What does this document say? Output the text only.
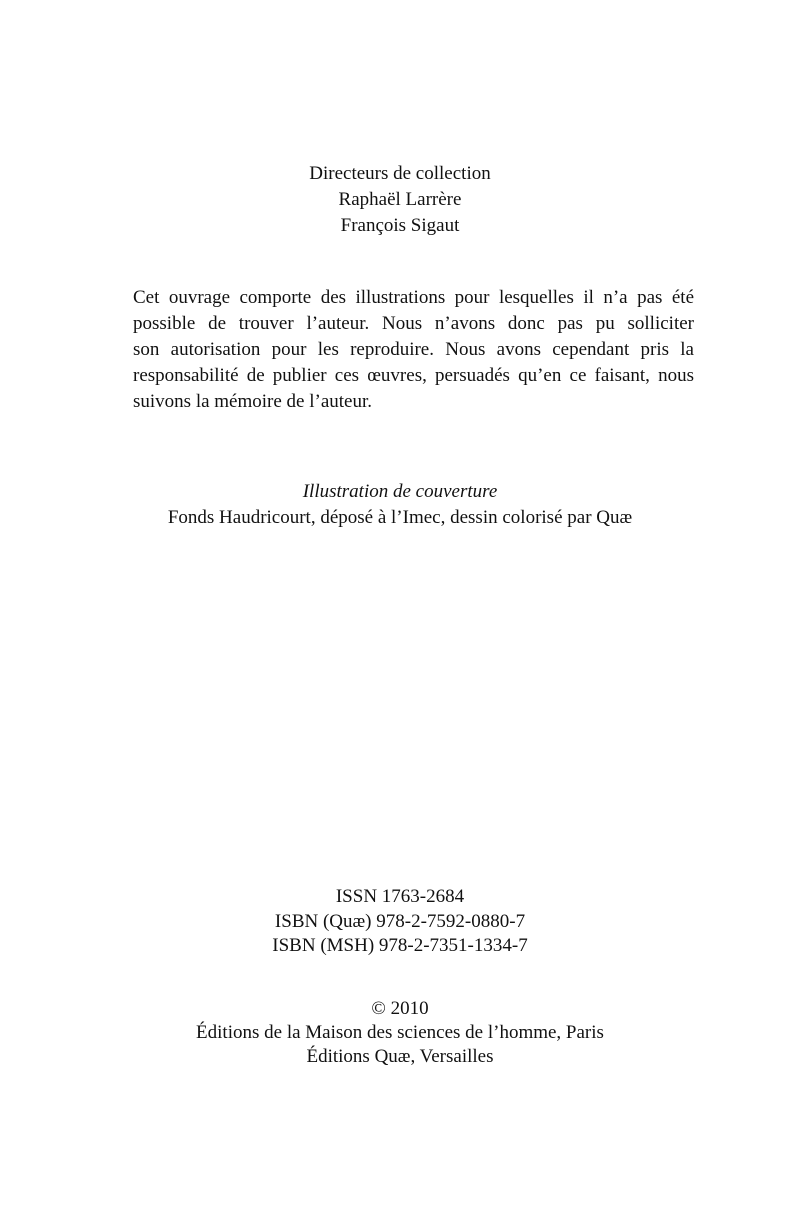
Directeurs de collection
Raphaël Larrère
François Sigaut
Cet ouvrage comporte des illustrations pour lesquelles il n’a pas été
possible de trouver l’auteur. Nous n’avons donc pas pu solliciter
son autorisation pour les reproduire. Nous avons cependant pris la
responsabilité de publier ces œuvres, persuadés qu’en ce faisant, nous
suivons la mémoire de l’auteur.
Illustration de couverture
Fonds Haudricourt, déposé à l’Imec, dessin colorisé par Quæ
ISSN 1763-2684
ISBN (Quæ) 978-2-7592-0880-7
ISBN (MSH) 978-2-7351-1334-7
© 2010
Éditions de la Maison des sciences de l’homme, Paris
Éditions Quæ, Versailles
